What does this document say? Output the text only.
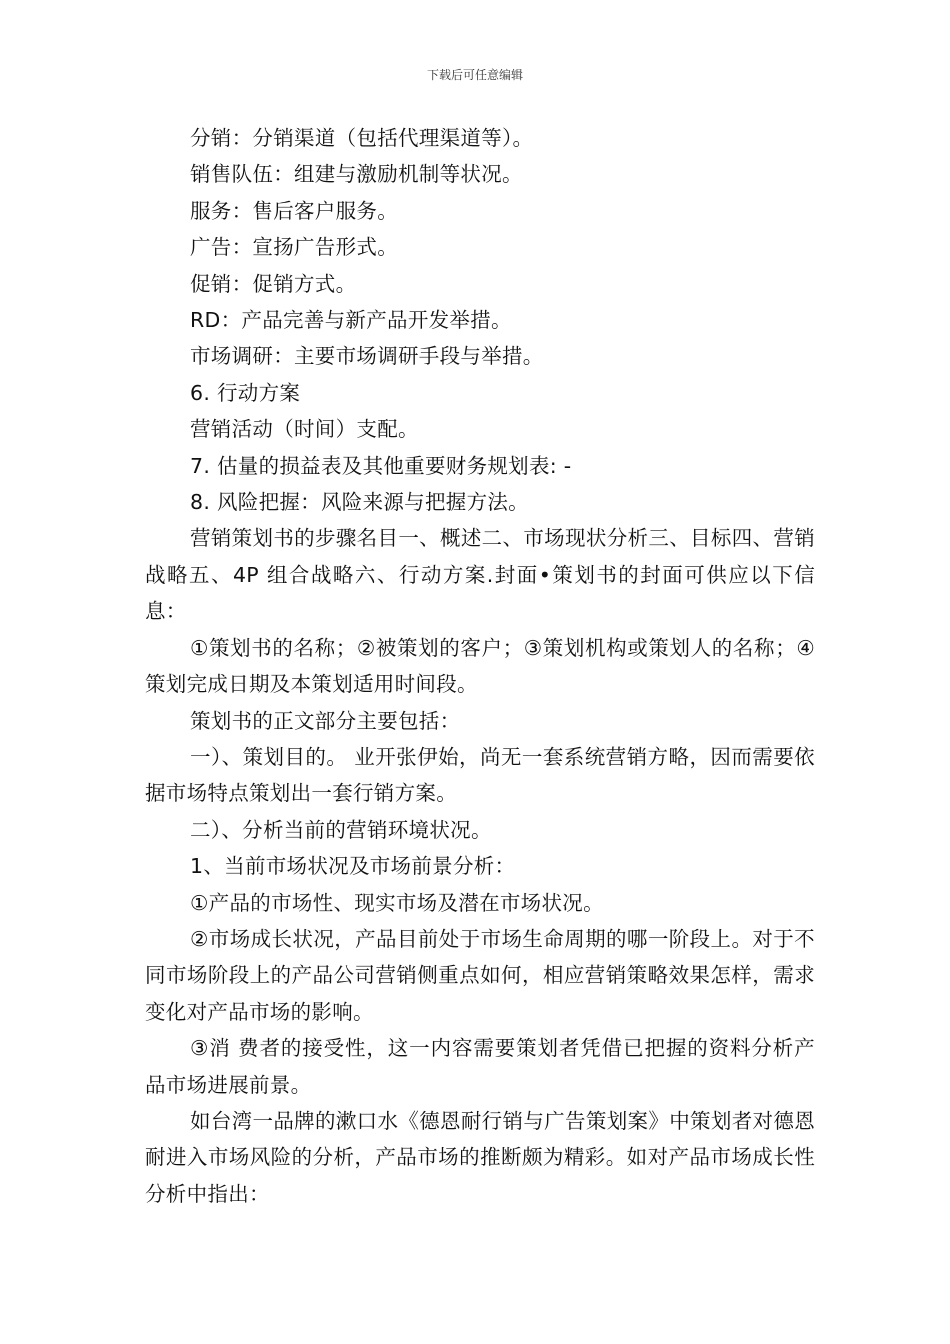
下载后可任意编辑

分销：分销渠道（包括代理渠道等）。

销售队伍：组建与激励机制等状况。

服务：售后客户服务。

广告：宣扬广告形式。

促销：促销方式。

RD：产品完善与新产品开发举措。

市场调研：主要市场调研手段与举措。

6. 行动方案

营销活动（时间）支配。

7. 估量的损益表及其他重要财务规划表: -

8. 风险把握：风险来源与把握方法。

营销策划书的步骤名目一、概述二、市场现状分析三、目标四、营销战略五、4P 组合战略六、行动方案.封面•策划书的封面可供应以下信息：

①策划书的名称；②被策划的客户；③策划机构或策划人的名称；④策划完成日期及本策划适用时间段。

策划书的正文部分主要包括：

一）、策划目的。 业开张伊始，尚无一套系统营销方略，因而需要依据市场特点策划出一套行销方案。

二）、分析当前的营销环境状况。

1、当前市场状况及市场前景分析：

①产品的市场性、现实市场及潜在市场状况。

②市场成长状况，产品目前处于市场生命周期的哪一阶段上。对于不同市场阶段上的产品公司营销侧重点如何，相应营销策略效果怎样，需求变化对产品市场的影响。

③消 费者的接受性，这一内容需要策划者凭借已把握的资料分析产品市场进展前景。

如台湾一品牌的漱口水《德恩耐行销与广告策划案》中策划者对德恩耐进入市场风险的分析，产品市场的推断颇为精彩。如对产品市场成长性分析中指出：
